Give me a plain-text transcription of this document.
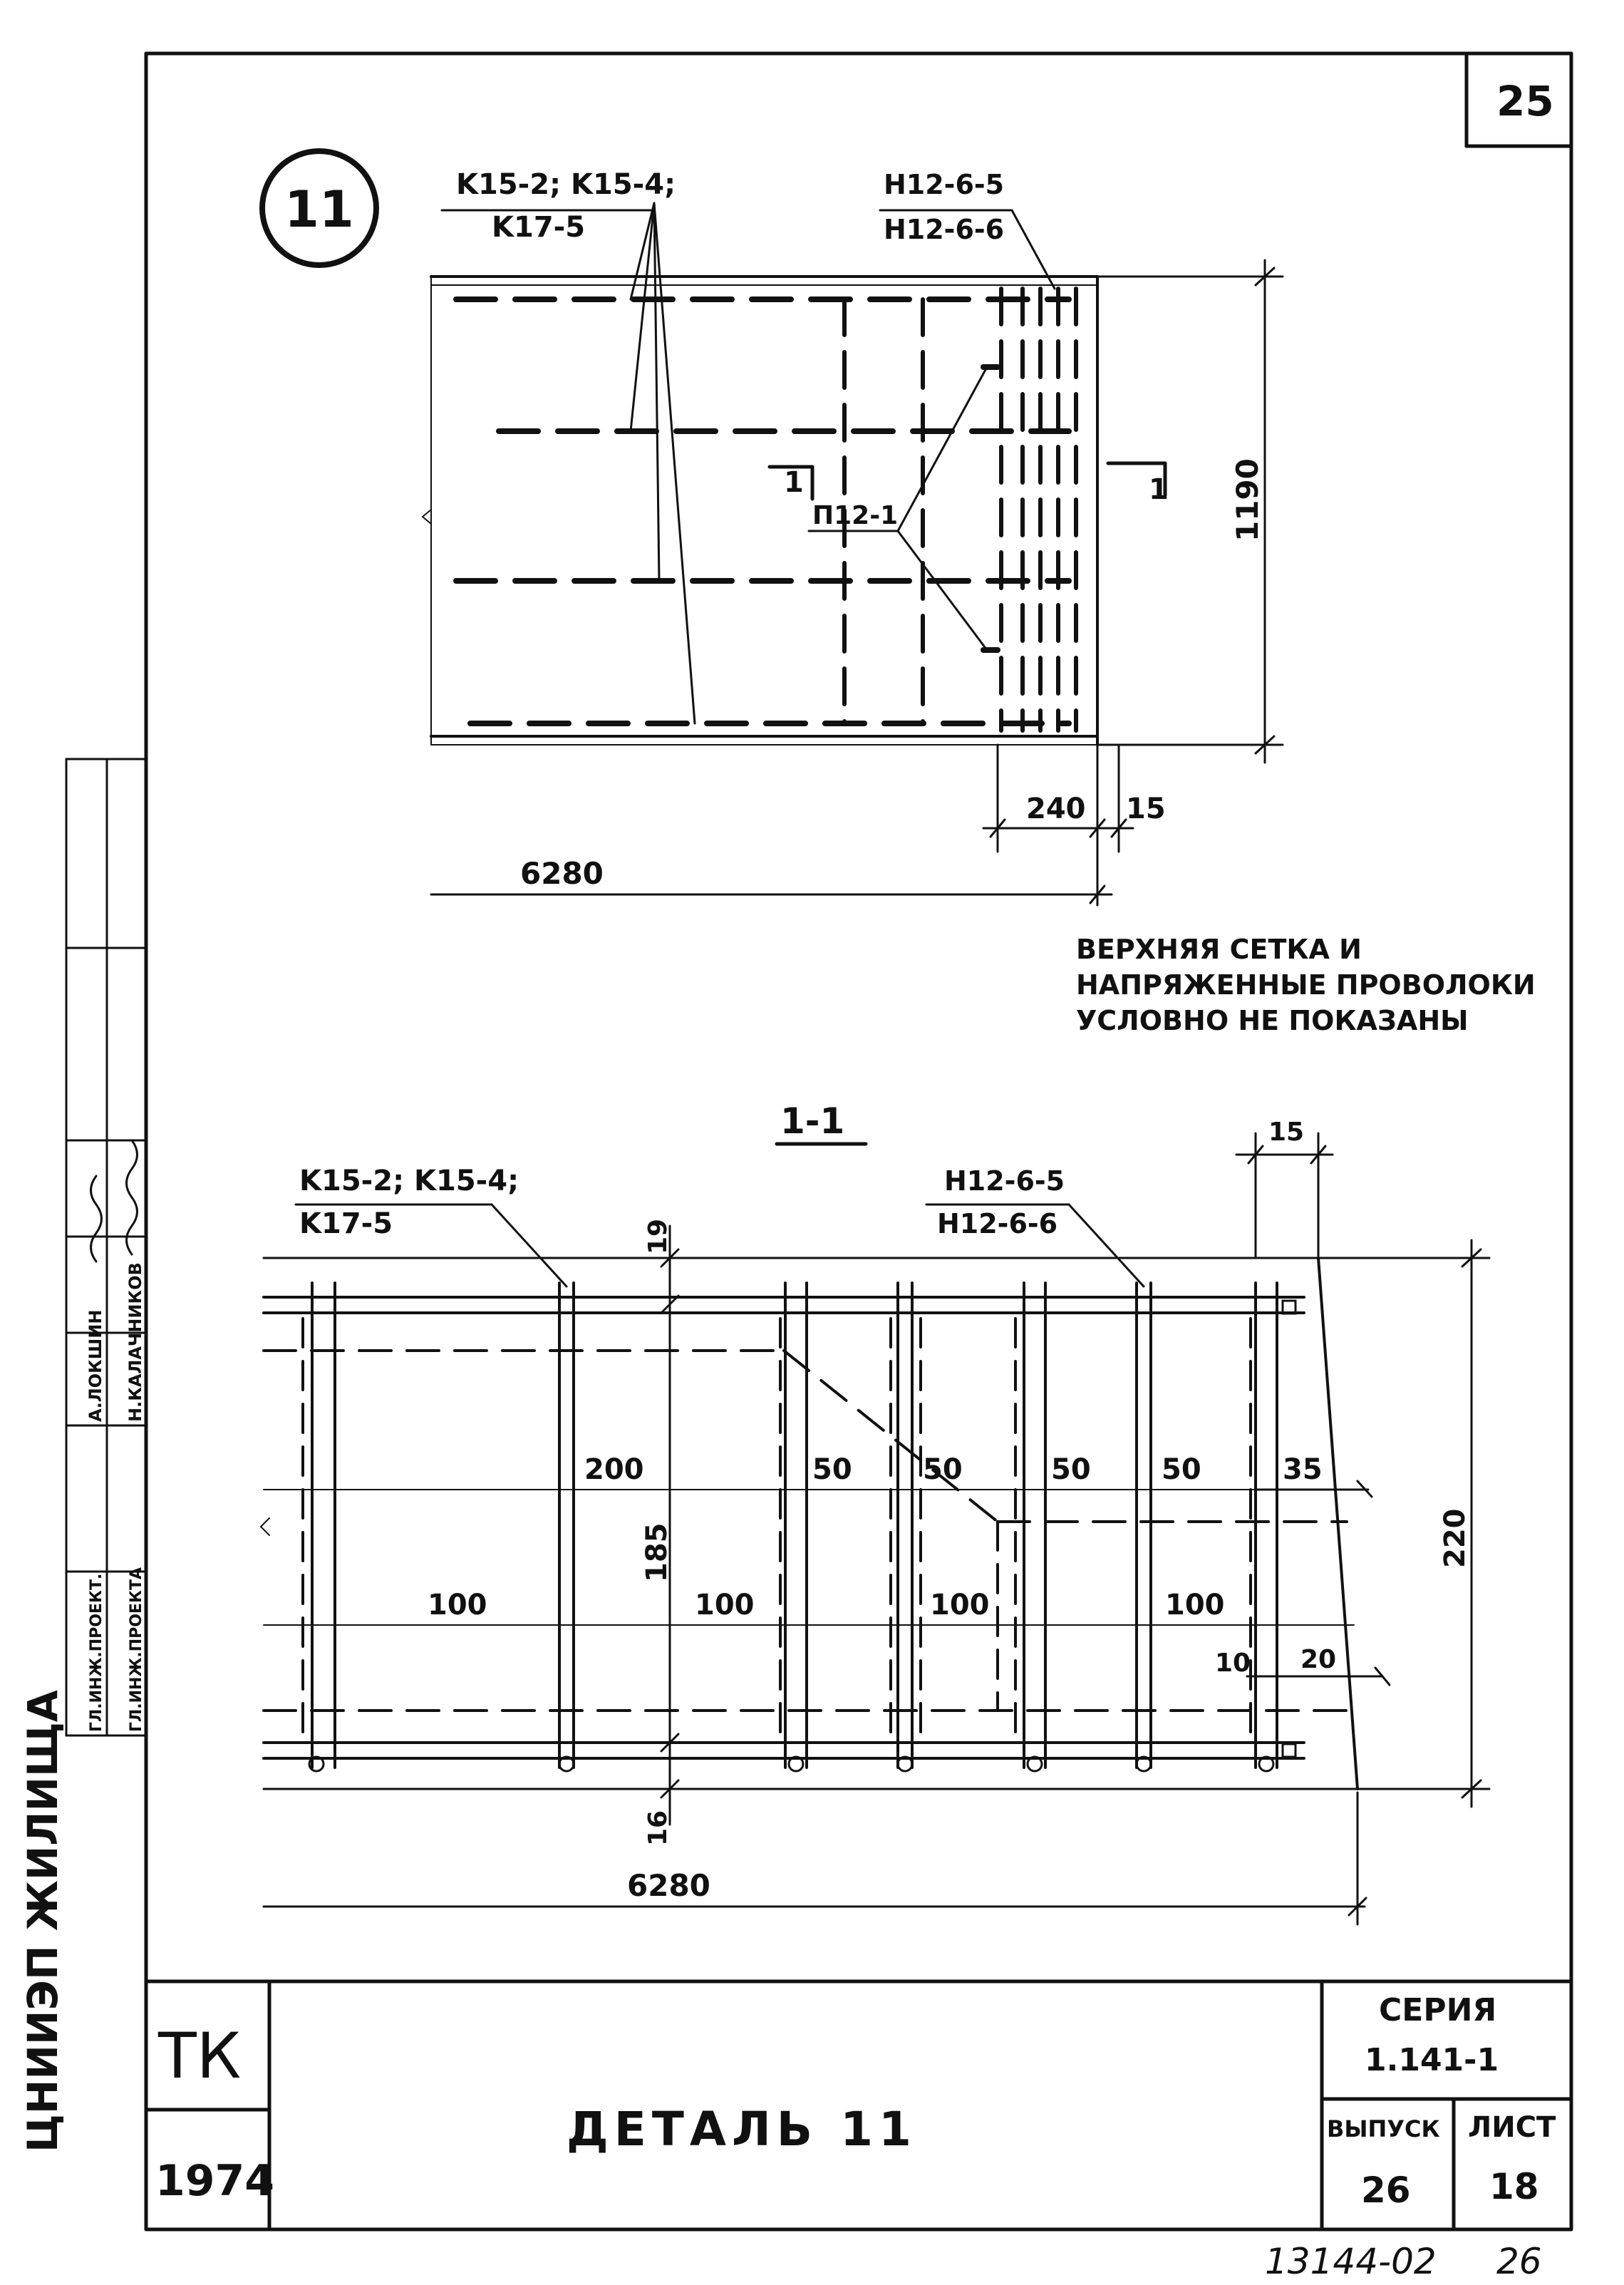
25
11	K15-2; K15-4;
K17-5
H12-6-5
H12-6-6
П12-1
1	1 1190
240 15
6280
ВЕРХНЯЯ СЕТКА И
НАПРЯЖЕННЫЕ ПРОВОЛОКИ
УСЛОВНО НЕ ПОКАЗАНЫ
1-1
K15-2; K15-4;
K17-5
H12-6-5
H12-6-6
15
19
16
185	220
200	50 50	50 50	35
100	100	100	100
10 20
6280
ЦНИИЭП ЖИЛИЩА
ГЛ.ИНЖ.ПРОЕКТ. ГЛ.ИНЖ.ПРОЕКТА
А.ЛОКШИН Н.КАЛАЧНИКОВ
ТК
1974
ДЕТАЛЬ 11
СЕРИЯ
1.141-1
ВЫПУСК
26
ЛИСТ
18
13144-02 26
